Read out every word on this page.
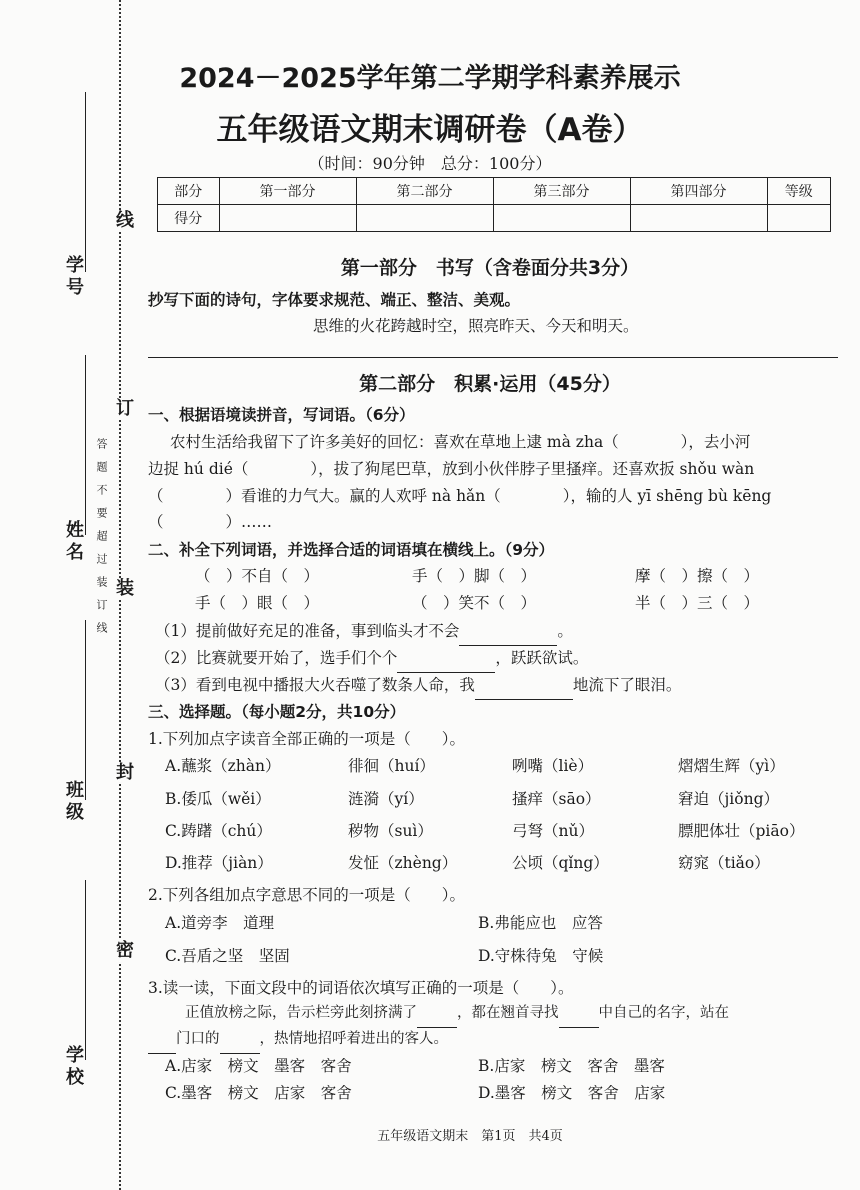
学号
姓名
班级
学校
线
订
装
封
密
答题不要超过装订线
2024－2025学年第二学期学科素养展示
五年级语文期末调研卷（A卷）
（时间：90分钟　总分：100分）
部分	第一部分	第二部分	第三部分	第四部分	等级
得分					
第一部分　书写（含卷面分共3分）
抄写下面的诗句，字体要求规范、端正、整洁、美观。
思维的火花跨越时空，照亮昨天、今天和明天。
第二部分　积累·运用（45分）
一、根据语境读拼音，写词语。（6分）
农村生活给我留下了许多美好的回忆：喜欢在草地上逮 mà zha（　　　　），去小河
边捉 hú dié（　　　　），拔了狗尾巴草，放到小伙伴脖子里搔痒。还喜欢扳 shǒu wàn
（　　　　）看谁的力气大。赢的人欢呼 nà hǎn（　　　　），输的人 yī shēng bù kēng
（　　　　）……
二、补全下列词语，并选择合适的词语填在横线上。（9分）
（　）不自（　）	手（　）脚（　）	摩（　）擦（　）
手（　）眼（　）	（　）笑不（　）	半（　）三（　）
（1）提前做好充足的准备，事到临头才不会	。
（2）比赛就要开始了，选手们个个	，跃跃欲试。
（3）看到电视中播报大火吞噬了数条人命，我	地流下了眼泪。
三、选择题。（每小题2分，共10分）
1.下列加点字读音全部正确的一项是（　　）。
A.蘸浆（zhàn）	徘徊（huí）	咧嘴（liè）	熠熠生辉（yì）
B.倭瓜（wěi）	涟漪（yí）	搔痒（sāo）	窘迫（jiǒng）
C.踌躇（chú）	秽物（suì）	弓弩（nǔ）	膘肥体壮（piāo）
D.推荐（jiàn）	发怔（zhèng）	公顷（qǐng）	窈窕（tiǎo）
2.下列各组加点字意思不同的一项是（　　）。
A.道旁李　道理	B.弗能应也　应答
C.吾盾之坚　坚固	D.守株待兔　守候
3.读一读，下面文段中的词语依次填写正确的一项是（　　）。
正值放榜之际，告示栏旁此刻挤满了	，都在翘首寻找	中自己的名字，站在
门口的	，热情地招呼着进出的客人。
A.店家　榜文　墨客　客舍	B.店家　榜文　客舍　墨客
C.墨客　榜文　店家　客舍	D.墨客　榜文　客舍　店家
五年级语文期末　第1页　共4页
